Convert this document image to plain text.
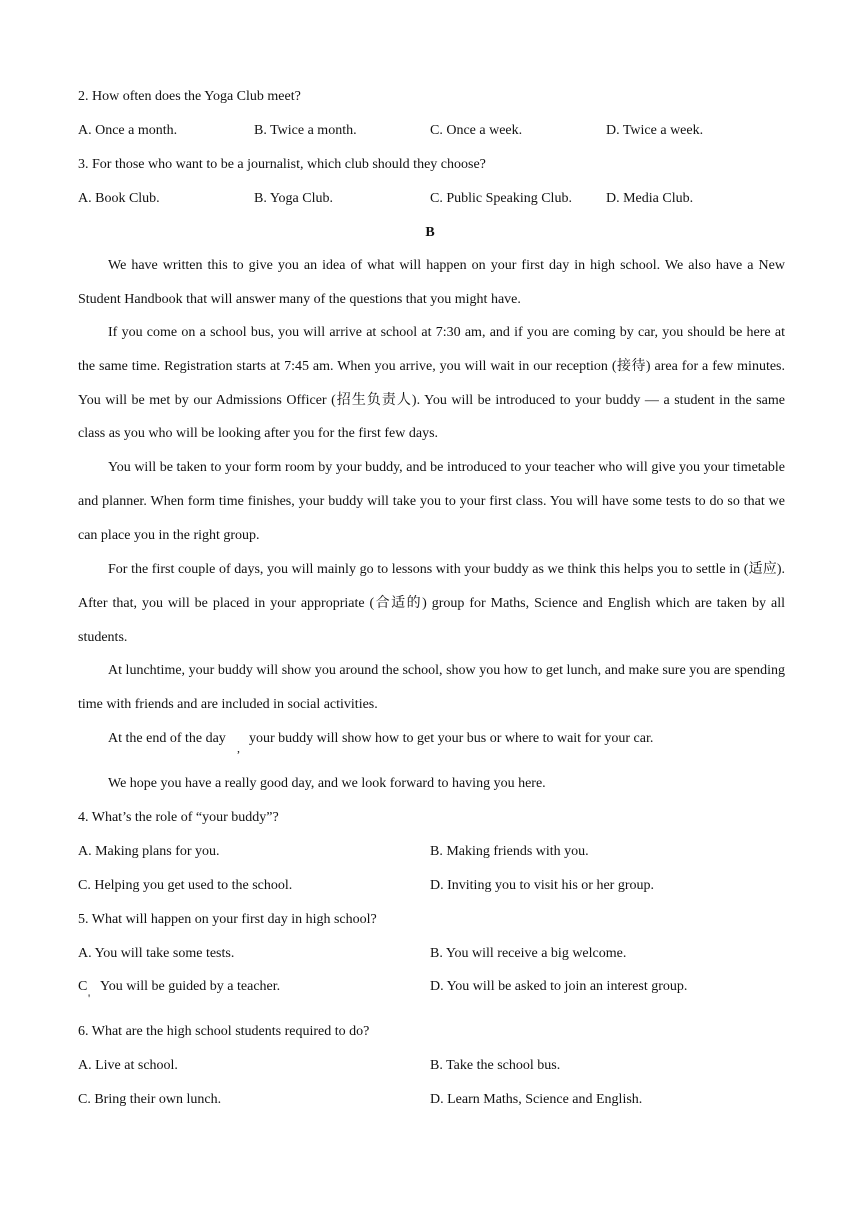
2. How often does the Yoga Club meet?
A. Once a month.	B. Twice a month.	C. Once a week.	D. Twice a week.
3. For those who want to be a journalist, which club should they choose?
A. Book Club.	B. Yoga Club.	C. Public Speaking Club. D. Media Club.
B

We have written this to give you an idea of what will happen on your first day in high school. We also have a New Student Handbook that will answer many of the questions that you might have.

If you come on a school bus, you will arrive at school at 7:30 am, and if you are coming by car, you should be here at the same time. Registration starts at 7:45 am. When you arrive, you will wait in our reception (接待) area for a few minutes. You will be met by our Admissions Officer (招生负责人). You will be introduced to your buddy — a student in the same class as you who will be looking after you for the first few days.

You will be taken to your form room by your buddy, and be introduced to your teacher who will give you your timetable and planner. When form time finishes, your buddy will take you to your first class. You will have some tests to do so that we can place you in the right group.

For the first couple of days, you will mainly go to lessons with your buddy as we think this helps you to settle in (适应). After that, you will be placed in your appropriate (合适的) group for Maths, Science and English which are taken by all students.

At lunchtime, your buddy will show you around the school, show you how to get lunch, and make sure you are spending time with friends and are included in social activities.

At the end of the day
,
your buddy will show how to get your bus or where to wait for your car.
We hope you have a really good day, and we look forward to having you here.
4. What’s the role of “your buddy”?
A. Making plans for you.	B. Making friends with you.
C. Helping you get used to the school.	D. Inviting you to visit his or her group.
5. What will happen on your first day in high school?
A. You will take some tests.	B. You will receive a big welcome.
C
'
You will be guided by a teacher.	D. You will be asked to join an interest group.
6. What are the high school students required to do?
A. Live at school.	B. Take the school bus.
C. Bring their own lunch.	D. Learn Maths, Science and English.
